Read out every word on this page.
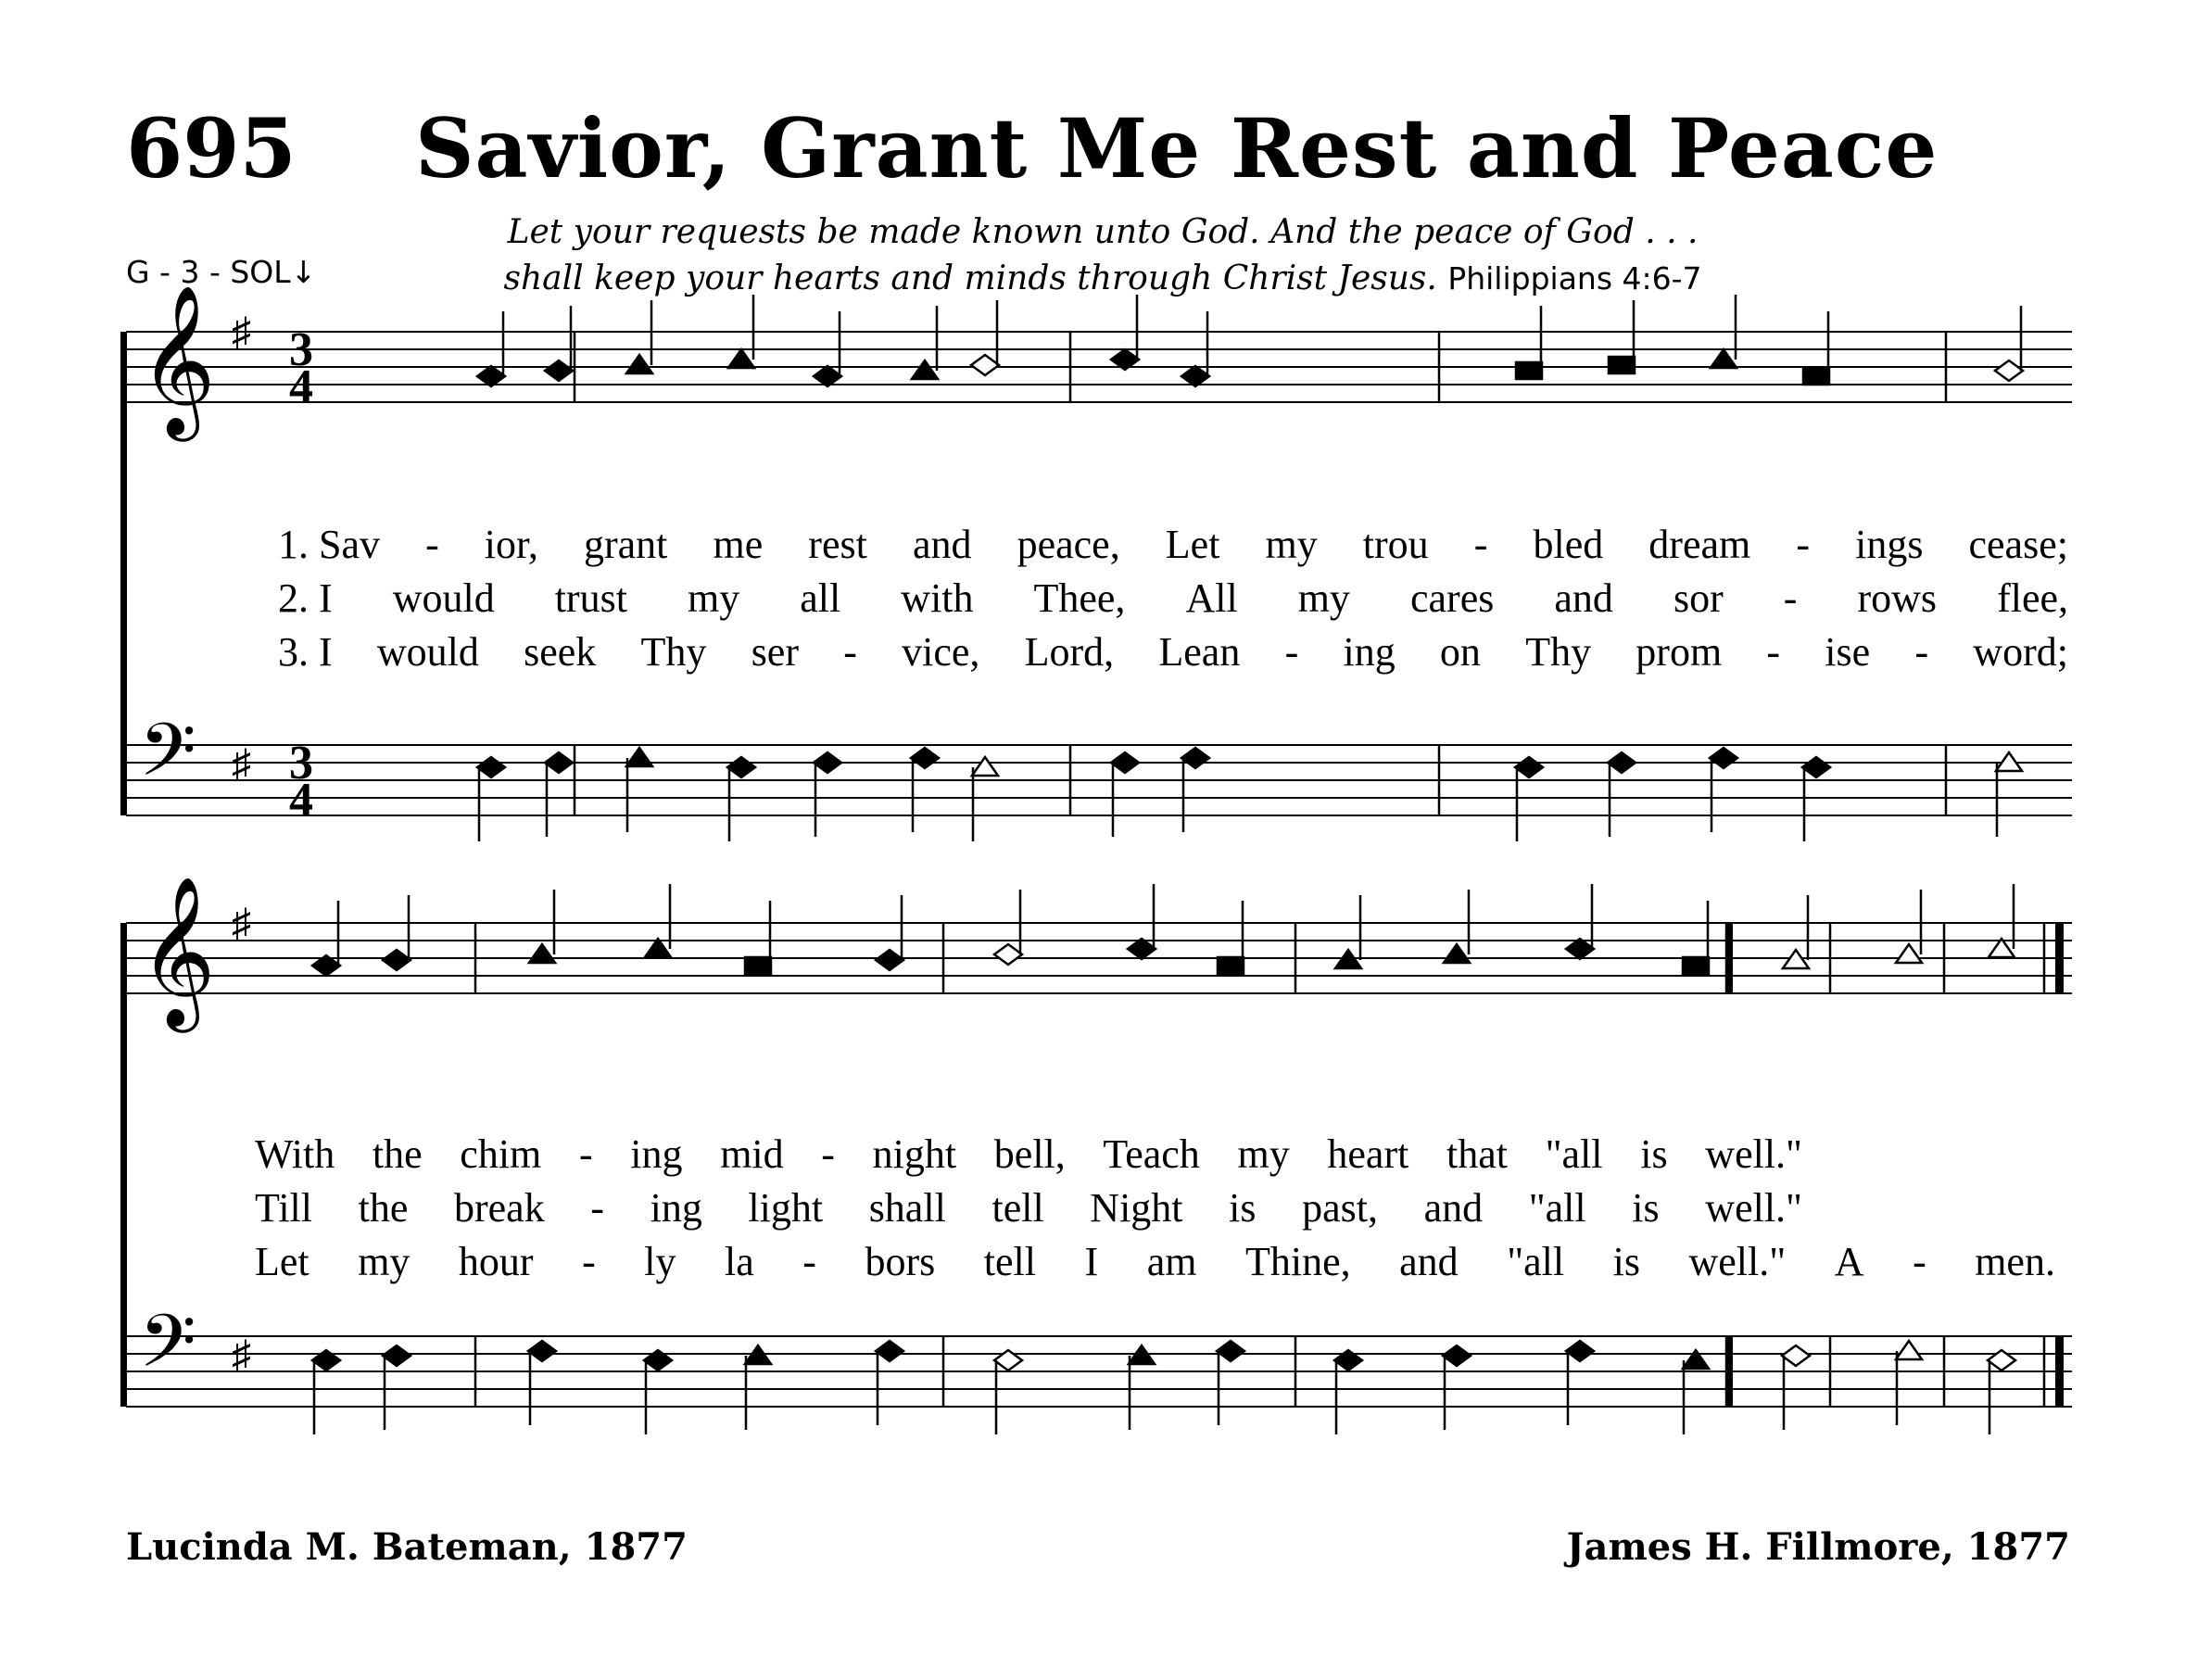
695 Savior, Grant Me Rest and Peace
Let your requests be made known unto God. And the peace of God . . .
shall keep your hearts and minds through Christ Jesus. Philippians 4:6-7
G - 3 - SOL↓
𝄞
𝄢
♯
♯
3
4
3
4
𝄞
𝄢
♯
♯
1. Sav - ior, grant me rest and peace, Let my trou - bled dream - ings cease;
2. I would trust my all with Thee, All my cares and sor - rows flee,
3. I would seek Thy ser - vice, Lord, Lean - ing on Thy prom - ise - word;
With the chim - ing mid - night bell, Teach my heart that "all is well."
Till the break - ing light shall tell Night is past, and "all is well."
Let my hour - ly la - bors tell I am Thine, and "all is well." A - men.
Lucinda M. Bateman, 1877	James H. Fillmore, 1877
